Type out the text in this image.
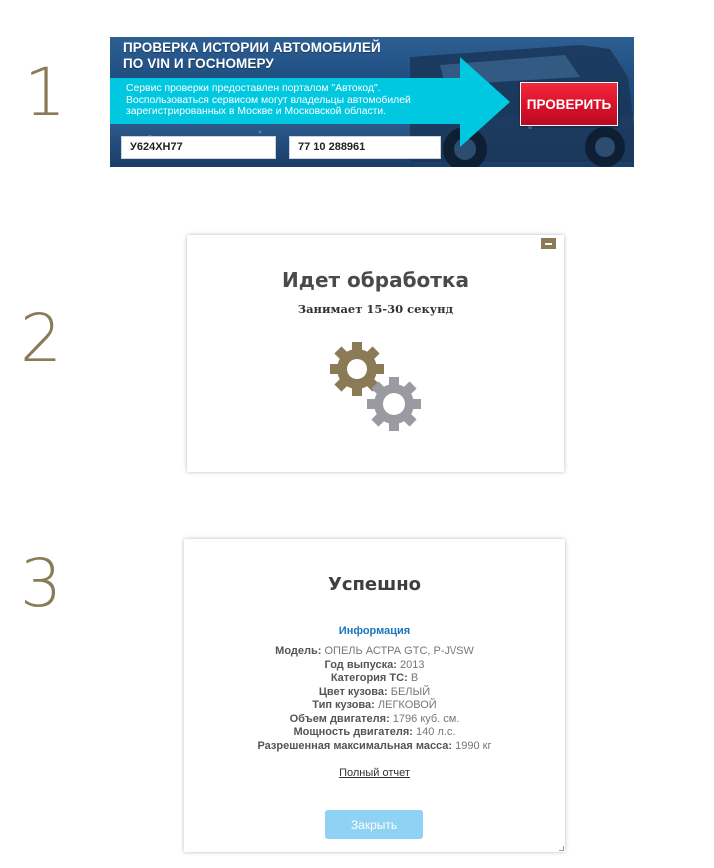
1
2
3
ПРОВЕРКА ИСТОРИИ АВТОМОБИЛЕЙ
ПО VIN И ГОСНОМЕРУ
Сервис проверки предоставлен порталом "Автокод".
Воспользоваться сервисом могут владельцы автомобилей
зарегистрированных в Москве и Московской области.
ПРОВЕРИТЬ
У624ХН77
77 10 288961
Идет обработка
Занимает 15-30 секунд
Успешно
Информация
Модель: ОПЕЛЬ АСТРА GTC, P-J\/SW
Год выпуска: 2013
Категория ТС: B
Цвет кузова: БЕЛЫЙ
Тип кузова: ЛЕГКОВОЙ
Объем двигателя: 1796 куб. см.
Мощность двигателя: 140 л.с.
Разрешенная максимальная масса: 1990 кг
Полный отчет
Закрыть
